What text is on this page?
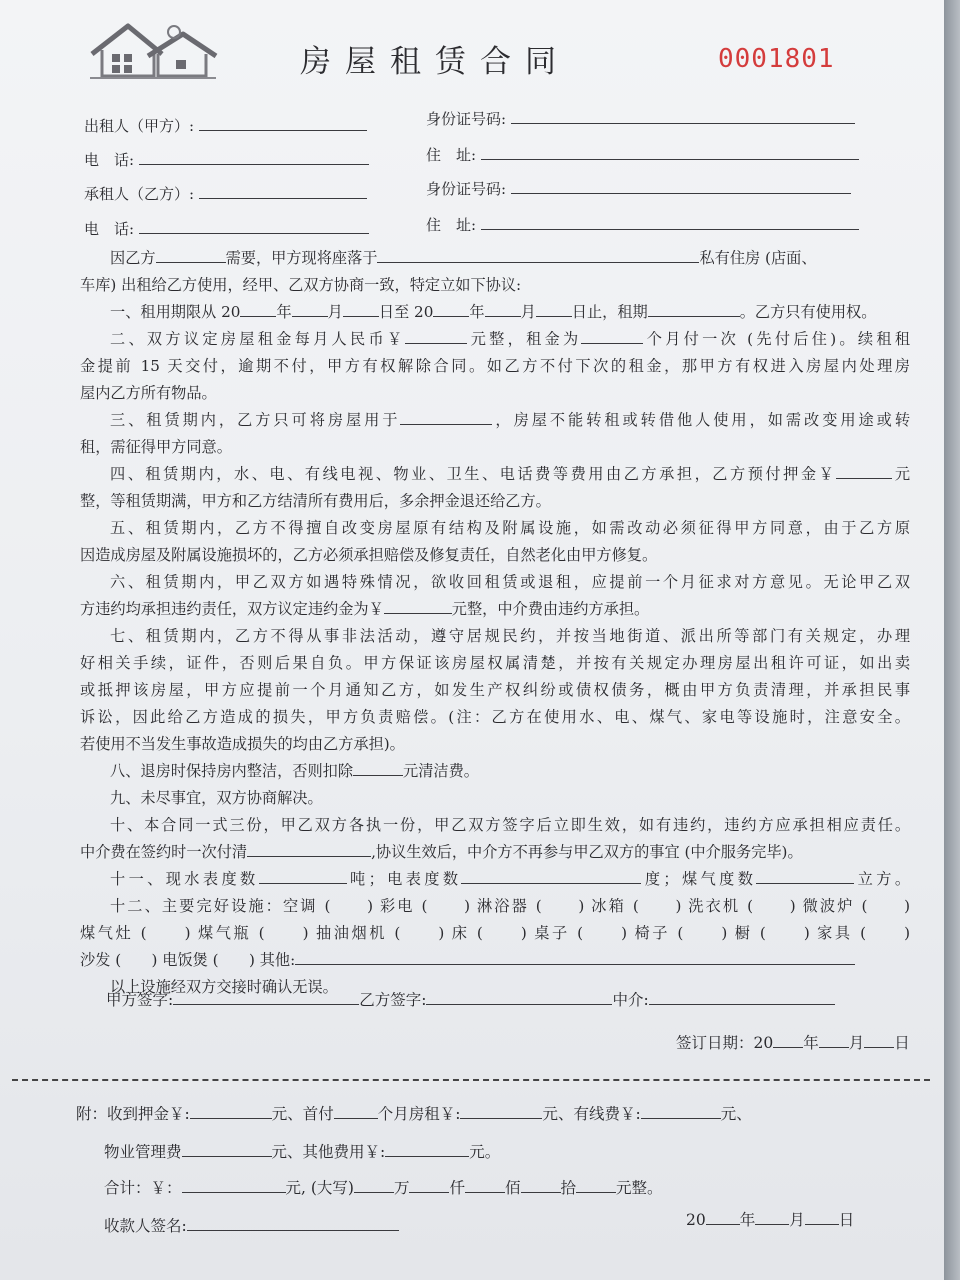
房屋租赁合同	0001801
出租人（甲方）:	身份证号码:
电　话:	住　址:
承租人（乙方）:	身份证号码:
电　话:	住　址:

因乙方	需要，甲方现将座落于	私有住房 (店面、

车库) 出租给乙方使用，经甲、乙双方协商一致，特定立如下协议:

一、租用期限从 20 年 月 日至 20 年 月 日止，租期	。乙方只有使用权。

二、双方议定房屋租金每月人民币￥	元整，租金为	个月付一次 (先付后住)。续租租

金提前 15 天交付，逾期不付，甲方有权解除合同。如乙方不付下次的租金，那甲方有权进入房屋内处理房

屋内乙方所有物品。

三、租赁期内，乙方只可将房屋用于	，房屋不能转租或转借他人使用，如需改变用途或转

租，需征得甲方同意。

四、租赁期内，水、电、有线电视、物业、卫生、电话费等费用由乙方承担，乙方预付押金￥	元

整，等租赁期满，甲方和乙方结清所有费用后，多余押金退还给乙方。

五、租赁期内，乙方不得擅自改变房屋原有结构及附属设施，如需改动必须征得甲方同意，由于乙方原

因造成房屋及附属设施损坏的，乙方必须承担赔偿及修复责任，自然老化由甲方修复。

六、租赁期内，甲乙双方如遇特殊情况，欲收回租赁或退租，应提前一个月征求对方意见。无论甲乙双

方违约均承担违约责任，双方议定违约金为￥	元整，中介费由违约方承担。

七、租赁期内，乙方不得从事非法活动，遵守居规民约，并按当地街道、派出所等部门有关规定，办理

好相关手续，证件，否则后果自负。甲方保证该房屋权属清楚，并按有关规定办理房屋出租许可证，如出卖

或抵押该房屋，甲方应提前一个月通知乙方，如发生产权纠纷或债权债务，概由甲方负责清理，并承担民事

诉讼，因此给乙方造成的损失，甲方负责赔偿。(注：乙方在使用水、电、煤气、家电等设施时，注意安全。

若使用不当发生事故造成损失的均由乙方承担)。

八、退房时保持房内整洁，否则扣除	元清洁费。

九、未尽事宜，双方协商解决。

十、本合同一式三份，甲乙双方各执一份，甲乙双方签字后立即生效，如有违约，违约方应承担相应责任。

中介费在签约时一次付清	,协议生效后，中介方不再参与甲乙双方的事宜 (中介服务完毕)。

十一、现水表度数	吨；电表度数	度；煤气度数	立方。

十二、主要完好设施：空调 (　　) 彩电 (　　) 淋浴器 (　　) 冰箱 (　　) 洗衣机 (　　) 微波炉 (　　)

煤气灶 (　　) 煤气瓶 (　　) 抽油烟机 (　　) 床 (　　) 桌子 (　　) 椅子 (　　) 橱 (　　) 家具 (　　)

沙发 (　　) 电饭煲 (　　) 其他:

以上设施经双方交接时确认无误。

甲方签字:	乙方签字:	中介:
签订日期：20 年 月 日
附：收到押金￥:	元、首付	个月房租￥:	元、有线费￥:	元、
物业管理费	元、其他费用￥:	元。
合计：￥：	元, (大写)	万	仟	佰	拾	元整。
收款人签名:	20 年 月 日
